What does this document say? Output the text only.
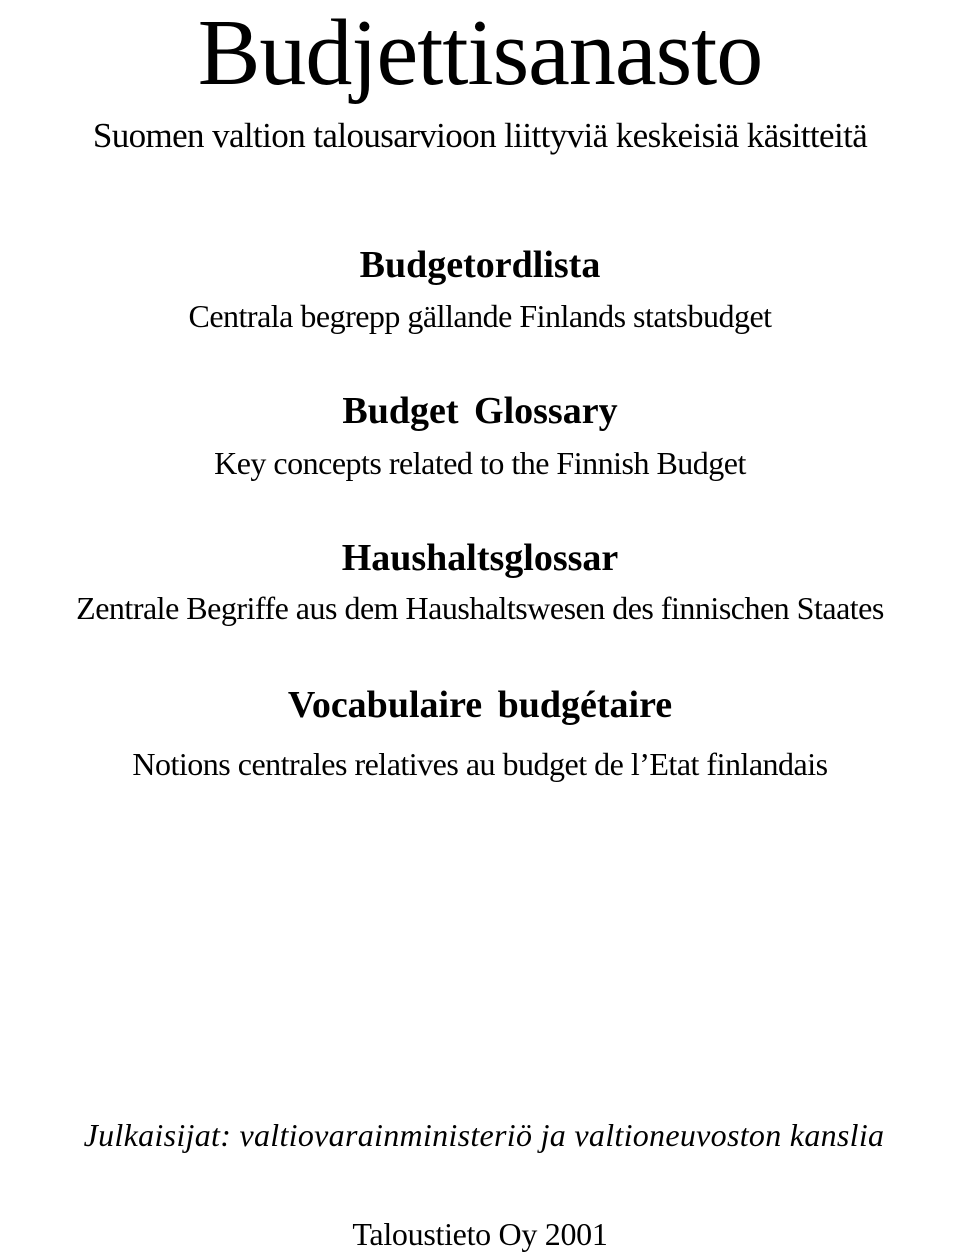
Budjettisanasto
Suomen valtion talousarvioon liittyviä keskeisiä käsitteitä
Budgetordlista
Centrala begrepp gällande Finlands statsbudget
Budget Glossary
Key concepts related to the Finnish Budget
Haushaltsglossar
Zentrale Begriffe aus dem Haushaltswesen des finnischen Staates
Vocabulaire budgétaire
Notions centrales relatives au budget de l’Etat finlandais
Julkaisijat: valtiovarainministeriö ja valtioneuvoston kanslia
Taloustieto Oy 2001
